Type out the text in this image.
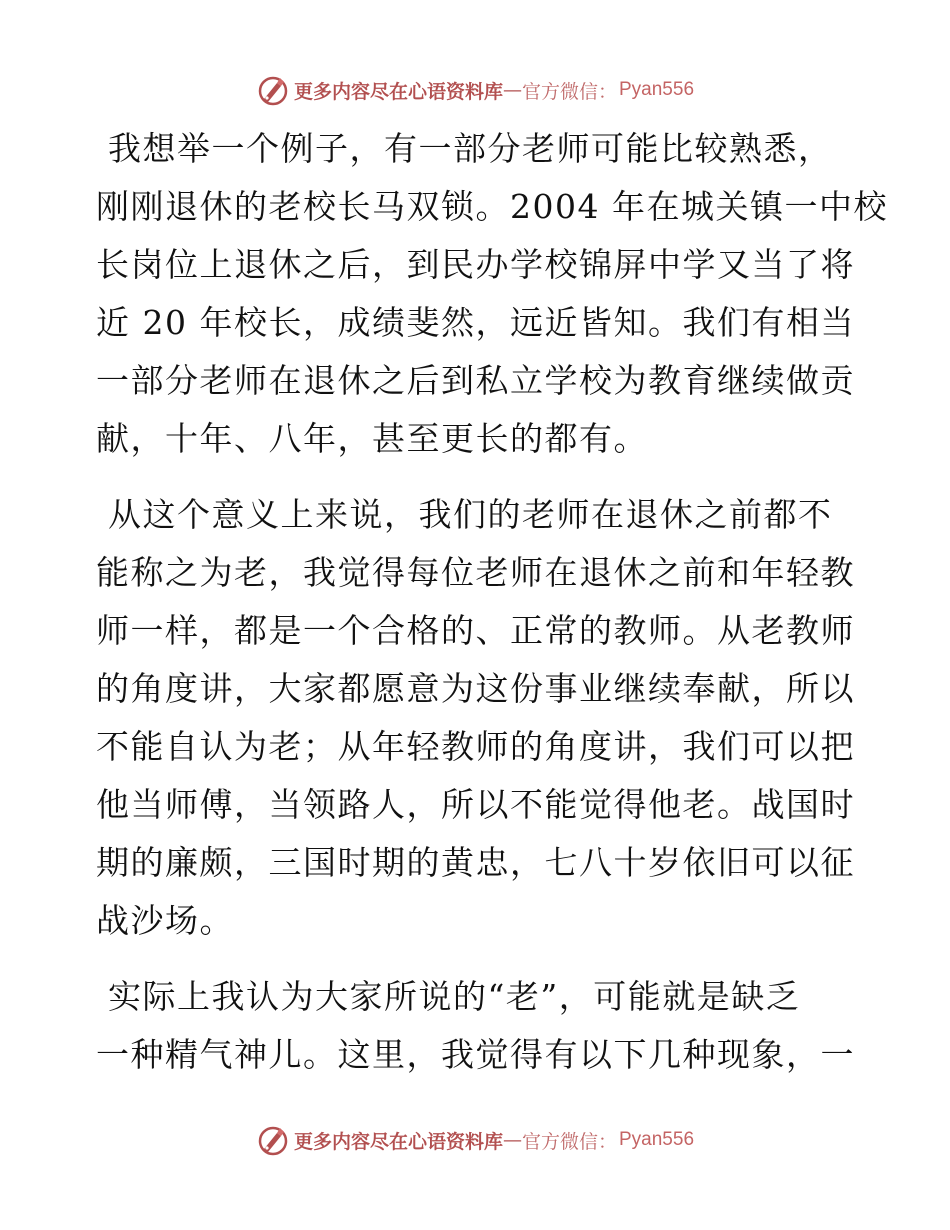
更多内容尽在心语资料库 — 官方微信： Pyan556
我想举一个例子，有一部分老师可能比较熟悉，
刚刚退休的老校长马双锁。2004 年在城关镇一中校
长岗位上退休之后，到民办学校锦屏中学又当了将
近 20 年校长，成绩斐然，远近皆知。我们有相当
一部分老师在退休之后到私立学校为教育继续做贡
献，十年、八年，甚至更长的都有。
从这个意义上来说，我们的老师在退休之前都不
能称之为老，我觉得每位老师在退休之前和年轻教
师一样，都是一个合格的、正常的教师。从老教师
的角度讲，大家都愿意为这份事业继续奉献，所以
不能自认为老；从年轻教师的角度讲，我们可以把
他当师傅，当领路人，所以不能觉得他老。战国时
期的廉颇，三国时期的黄忠，七八十岁依旧可以征
战沙场。
实际上我认为大家所说的“老”，可能就是缺乏
一种精气神儿。这里，我觉得有以下几种现象，一
更多内容尽在心语资料库 — 官方微信： Pyan556
